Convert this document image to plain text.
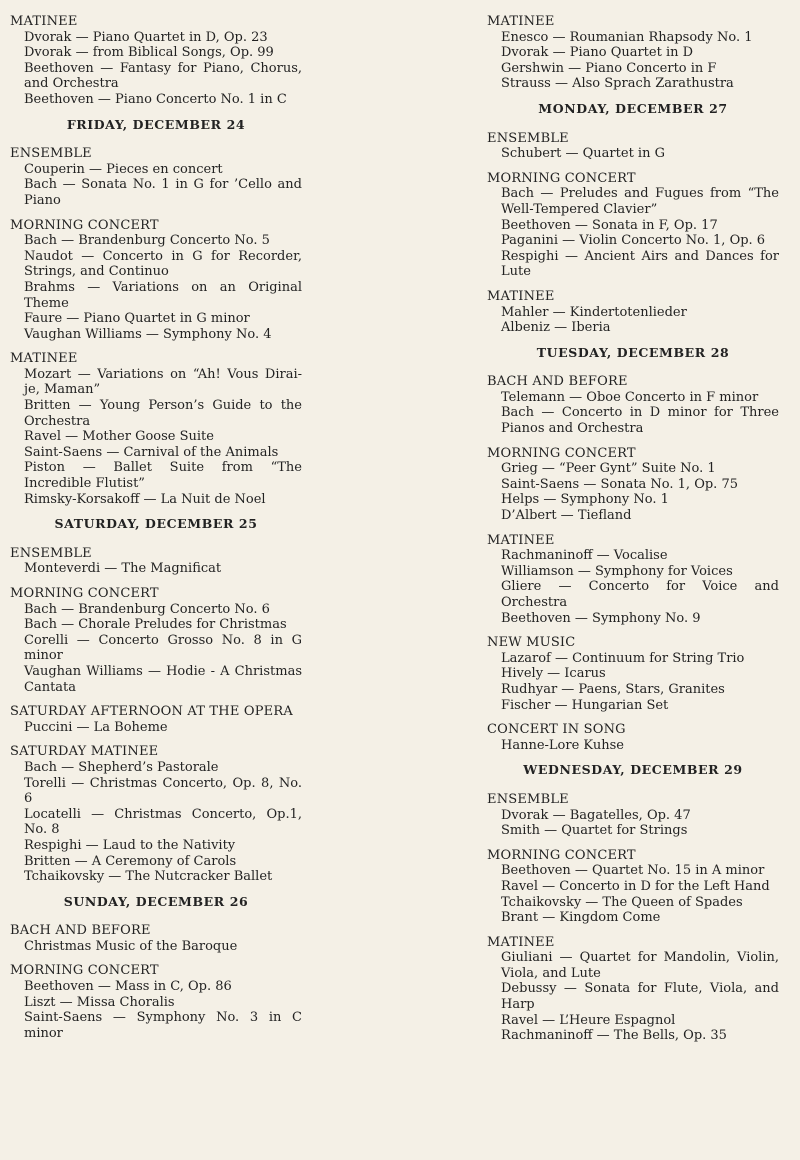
MATINEE
Dvorak — Piano Quartet in D, Op. 23
Dvorak — from Biblical Songs, Op. 99
Beethoven — Fantasy for Piano, Chorus, and Orchestra
Beethoven — Piano Concerto No. 1 in C
FRIDAY, DECEMBER 24
ENSEMBLE
Couperin — Pieces en concert
Bach — Sonata No. 1 in G for ’Cello and Piano
MORNING CONCERT
Bach — Brandenburg Concerto No. 5
Naudot — Concerto in G for Recorder, Strings, and Continuo
Brahms — Variations on an Original Theme
Faure — Piano Quartet in G minor
Vaughan Williams — Symphony No. 4
MATINEE
Mozart — Variations on “Ah! Vous Dirai-je, Maman”
Britten — Young Person’s Guide to the Orchestra
Ravel — Mother Goose Suite
Saint-Saens — Carnival of the Animals
Piston — Ballet Suite from “The Incredible Flutist”
Rimsky-Korsakoff — La Nuit de Noel
SATURDAY, DECEMBER 25
ENSEMBLE
Monteverdi — The Magnificat
MORNING CONCERT
Bach — Brandenburg Concerto No. 6
Bach — Chorale Preludes for Christmas
Corelli — Concerto Grosso No. 8 in G minor
Vaughan Williams — Hodie - A Christmas Cantata
SATURDAY AFTERNOON AT THE OPERA
Puccini — La Boheme
SATURDAY MATINEE
Bach — Shepherd’s Pastorale
Torelli — Christmas Concerto, Op. 8, No. 6
Locatelli — Christmas Concerto, Op.1, No. 8
Respighi — Laud to the Nativity
Britten — A Ceremony of Carols
Tchaikovsky — The Nutcracker Ballet
SUNDAY, DECEMBER 26
BACH AND BEFORE
Christmas Music of the Baroque
MORNING CONCERT
Beethoven — Mass in C, Op. 86
Liszt — Missa Choralis
Saint-Saens — Symphony No. 3 in C minor
MATINEE
Enesco — Roumanian Rhapsody No. 1
Dvorak — Piano Quartet in D
Gershwin — Piano Concerto in F
Strauss — Also Sprach Zarathustra
MONDAY, DECEMBER 27
ENSEMBLE
Schubert — Quartet in G
MORNING CONCERT
Bach — Preludes and Fugues from “The Well-Tempered Clavier”
Beethoven — Sonata in F, Op. 17
Paganini — Violin Concerto No. 1, Op. 6
Respighi — Ancient Airs and Dances for Lute
MATINEE
Mahler — Kindertotenlieder
Albeniz — Iberia
TUESDAY, DECEMBER 28
BACH AND BEFORE
Telemann — Oboe Concerto in F minor
Bach — Concerto in D minor for Three Pianos and Orchestra
MORNING CONCERT
Grieg — “Peer Gynt” Suite No. 1
Saint-Saens — Sonata No. 1, Op. 75
Helps — Symphony No. 1
D’Albert — Tiefland
MATINEE
Rachmaninoff — Vocalise
Williamson — Symphony for Voices
Gliere — Concerto for Voice and Orchestra
Beethoven — Symphony No. 9
NEW MUSIC
Lazarof — Continuum for String Trio
Hively — Icarus
Rudhyar — Paens, Stars, Granites
Fischer — Hungarian Set
CONCERT IN SONG
Hanne-Lore Kuhse
WEDNESDAY, DECEMBER 29
ENSEMBLE
Dvorak — Bagatelles, Op. 47
Smith — Quartet for Strings
MORNING CONCERT
Beethoven — Quartet No. 15 in A minor
Ravel — Concerto in D for the Left Hand
Tchaikovsky — The Queen of Spades
Brant — Kingdom Come
MATINEE
Giuliani — Quartet for Mandolin, Violin, Viola, and Lute
Debussy — Sonata for Flute, Viola, and Harp
Ravel — L’Heure Espagnol
Rachmaninoff — The Bells, Op. 35
